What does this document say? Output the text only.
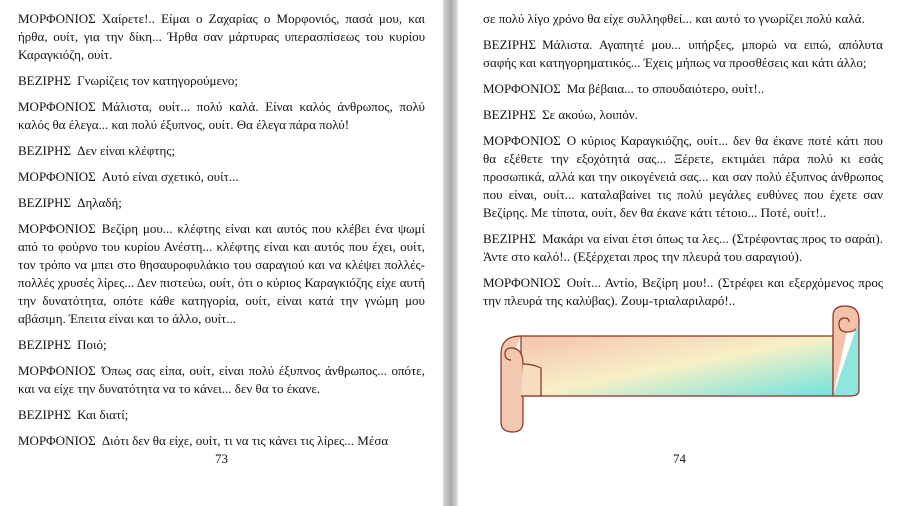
ΜΟΡΦΟΝΙΟΣ Χαίρετε!.. Είμαι ο Ζαχαρίας ο Μορφονιός, πασά μου, και ήρθα, ουίτ, για την δίκη... Ήρθα σαν μάρτυρας υπερασπίσεως του κυρίου Καραγκιόζη, ουίτ.

ΒΕΖΙΡΗΣ Γνωρίζεις τον κατηγορούμενο;

ΜΟΡΦΟΝΙΟΣ Μάλιστα, ουίτ... πολύ καλά. Είναι καλός άνθρωπος, πολύ καλός θα έλεγα... και πολύ έξυπνος, ουίτ. Θα έλεγα πάρα πολύ!

ΒΕΖΙΡΗΣ Δεν είναι κλέφτης;

ΜΟΡΦΟΝΙΟΣ Αυτό είναι σχετικό, ουίτ...

ΒΕΖΙΡΗΣ Δηλαδή;

ΜΟΡΦΟΝΙΟΣ Βεζίρη μου... κλέφτης είναι και αυτός που κλέβει ένα ψωμί από το φούρνο του κυρίου Ανέστη... κλέφτης είναι και αυτός που έχει, ουίτ, τον τρόπο να μπει στο θησαυροφυλάκιο του σαραγιού και να κλέψει πολλές-πολλές χρυσές λίρες... Δεν πιστεύω, ουίτ, ότι ο κύριος Καραγκιόζης είχε αυτή την δυνατότητα, οπότε κάθε κατηγορία, ουίτ, είναι κατά την γνώμη μου αβάσιμη. Έπειτα είναι και το άλλο, ουίτ...

ΒΕΖΙΡΗΣ Ποιό;

ΜΟΡΦΟΝΙΟΣ Όπως σας είπα, ουίτ, είναι πολύ έξυπνος άνθρωπος... οπότε, και να είχε την δυνατότητα να το κάνει... δεν θα το έκανε.

ΒΕΖΙΡΗΣ Και διατί;

ΜΟΡΦΟΝΙΟΣ Διότι δεν θα είχε, ουίτ, τι να τις κάνει τις λίρες... Μέσα

73

σε πολύ λίγο χρόνο θα είχε συλληφθεί... και αυτό το γνωρίζει πολύ καλά.

ΒΕΖΙΡΗΣ Μάλιστα. Αγαπητέ μου... υπήρξες, μπορώ να ειπώ, απόλυτα σαφής και κατηγορηματικός... Έχεις μήπως να προσθέσεις και κάτι άλλο;

ΜΟΡΦΟΝΙΟΣ Μα βέβαια... το σπουδαιότερο, ουίτ!..

ΒΕΖΙΡΗΣ Σε ακούω, λοιπόν.

ΜΟΡΦΟΝΙΟΣ Ο κύριος Καραγκιόζης, ουίτ... δεν θα έκανε ποτέ κάτι που θα εξέθετε την εξοχότητά σας... Ξέρετε, εκτιμάει πάρα πολύ κι εσάς προσωπικά, αλλά και την οικογένειά σας... και σαν πολύ έξυπνος άνθρωπος που είναι, ουίτ... καταλαβαίνει τις πολύ μεγάλες ευθύνες που έχετε σαν Βεζίρης. Με τίποτα, ουίτ, δεν θα έκανε κάτι τέτοιο... Ποτέ, ουίτ!..

ΒΕΖΙΡΗΣ Μακάρι να είναι έτσι όπως τα λες... (Στρέφοντας προς το σαράι). Άντε στο καλό!.. (Εξέρχεται προς την πλευρά του σαραγιού).

ΜΟΡΦΟΝΙΟΣ Ουίτ... Αντίο, Βεζίρη μου!.. (Στρέφει και εξερχόμενος προς την πλευρά της καλύβας). Ζουμ-τριαλαριλαρό!..

74
